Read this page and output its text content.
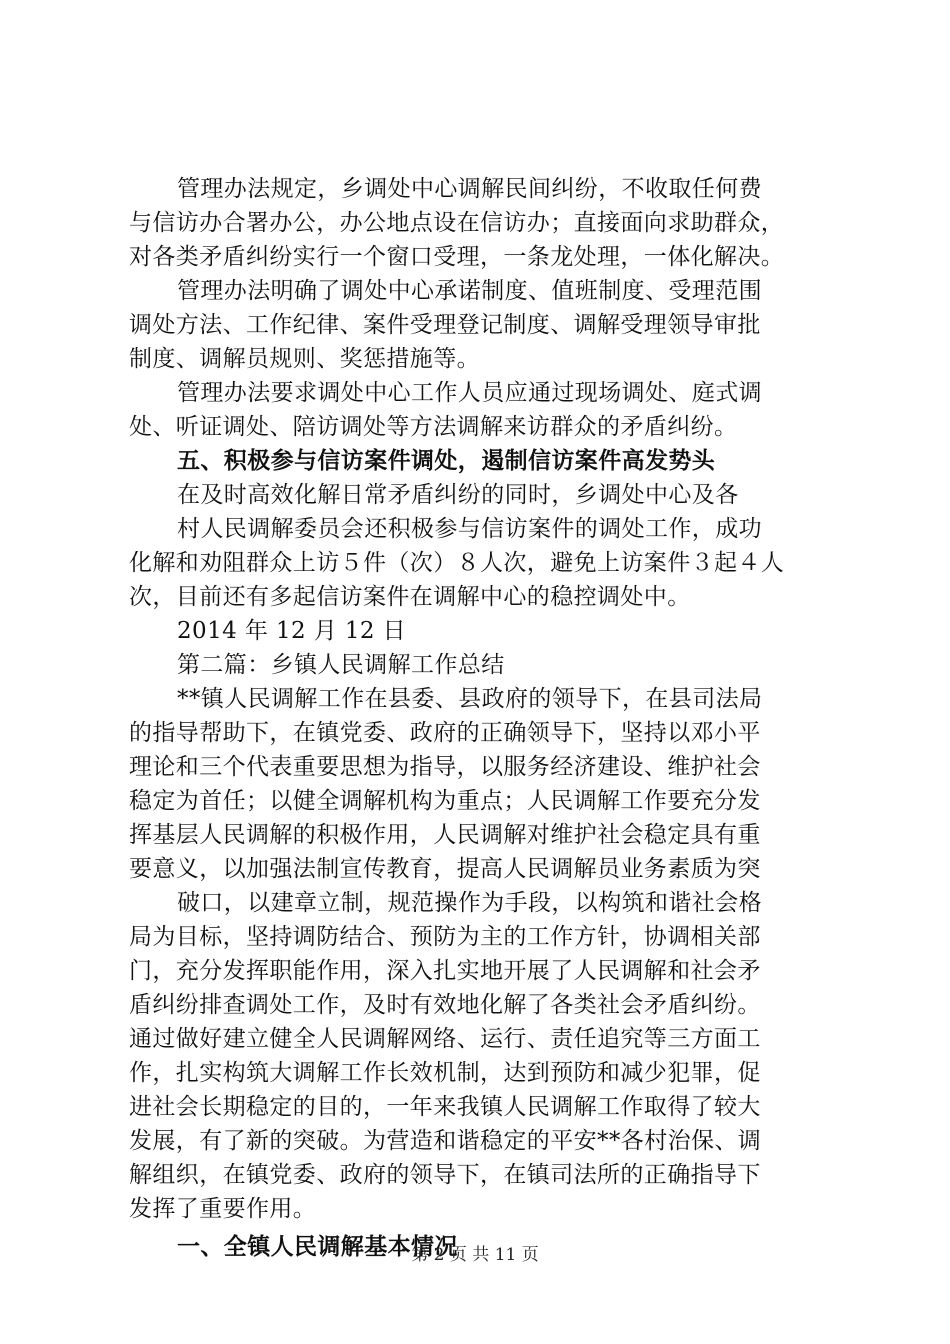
管理办法规定，乡调处中心调解民间纠纷，不收取任何费
与信访办合署办公，办公地点设在信访办；直接面向求助群众，
对各类矛盾纠纷实行一个窗口受理，一条龙处理，一体化解决。
管理办法明确了调处中心承诺制度、值班制度、受理范围
调处方法、工作纪律、案件受理登记制度、调解受理领导审批
制度、调解员规则、奖惩措施等。
管理办法要求调处中心工作人员应通过现场调处、庭式调
处、听证调处、陪访调处等方法调解来访群众的矛盾纠纷。
五、积极参与信访案件调处，遏制信访案件高发势头
在及时高效化解日常矛盾纠纷的同时，乡调处中心及各
村人民调解委员会还积极参与信访案件的调处工作，成功
化解和劝阻群众上访５件（次）８人次，避免上访案件３起４人
次，目前还有多起信访案件在调解中心的稳控调处中。
2014 年 12 月 12 日
第二篇：乡镇人民调解工作总结
**镇人民调解工作在县委、县政府的领导下，在县司法局
的指导帮助下，在镇党委、政府的正确领导下，坚持以邓小平
理论和三个代表重要思想为指导，以服务经济建设、维护社会
稳定为首任；以健全调解机构为重点；人民调解工作要充分发
挥基层人民调解的积极作用，人民调解对维护社会稳定具有重
要意义，以加强法制宣传教育，提高人民调解员业务素质为突
破口，以建章立制，规范操作为手段，以构筑和谐社会格
局为目标，坚持调防结合、预防为主的工作方针，协调相关部
门，充分发挥职能作用，深入扎实地开展了人民调解和社会矛
盾纠纷排查调处工作，及时有效地化解了各类社会矛盾纠纷。
通过做好建立健全人民调解网络、运行、责任追究等三方面工
作，扎实构筑大调解工作长效机制，达到预防和减少犯罪，促
进社会长期稳定的目的，一年来我镇人民调解工作取得了较大
发展，有了新的突破。为营造和谐稳定的平安**各村治保、调
解组织，在镇党委、政府的领导下，在镇司法所的正确指导下
发挥了重要作用。
一、全镇人民调解基本情况
第 2 页 共 11 页
